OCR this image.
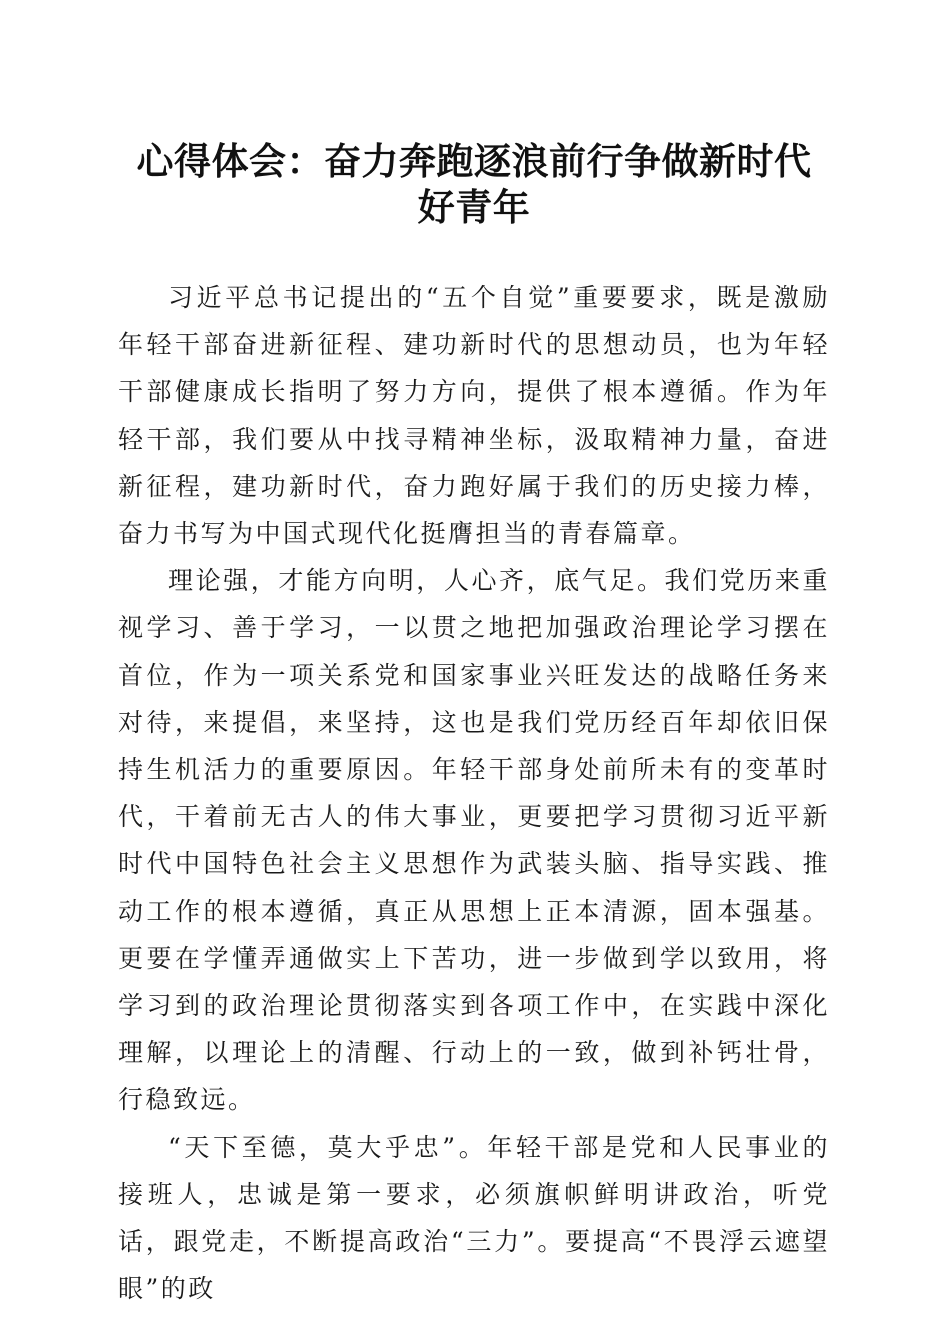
心得体会：奋力奔跑逐浪前行争做新时代好青年

习近平总书记提出的“五个自觉”重要要求，既是激励年轻干部奋进新征程、建功新时代的思想动员，也为年轻干部健康成长指明了努力方向，提供了根本遵循。作为年轻干部，我们要从中找寻精神坐标，汲取精神力量，奋进新征程，建功新时代，奋力跑好属于我们的历史接力棒，奋力书写为中国式现代化挺膺担当的青春篇章。

理论强，才能方向明，人心齐，底气足。我们党历来重视学习、善于学习，一以贯之地把加强政治理论学习摆在首位，作为一项关系党和国家事业兴旺发达的战略任务来对待，来提倡，来坚持，这也是我们党历经百年却依旧保持生机活力的重要原因。年轻干部身处前所未有的变革时代，干着前无古人的伟大事业，更要把学习贯彻习近平新时代中国特色社会主义思想作为武装头脑、指导实践、推动工作的根本遵循，真正从思想上正本清源，固本强基。更要在学懂弄通做实上下苦功，进一步做到学以致用，将学习到的政治理论贯彻落实到各项工作中，在实践中深化理解，以理论上的清醒、行动上的一致，做到补钙壮骨，行稳致远。

“天下至德，莫大乎忠”。年轻干部是党和人民事业的接班人，忠诚是第一要求，必须旗帜鲜明讲政治，听党话，跟党走，不断提高政治“三力”。要提高“不畏浮云遮望眼”的政
